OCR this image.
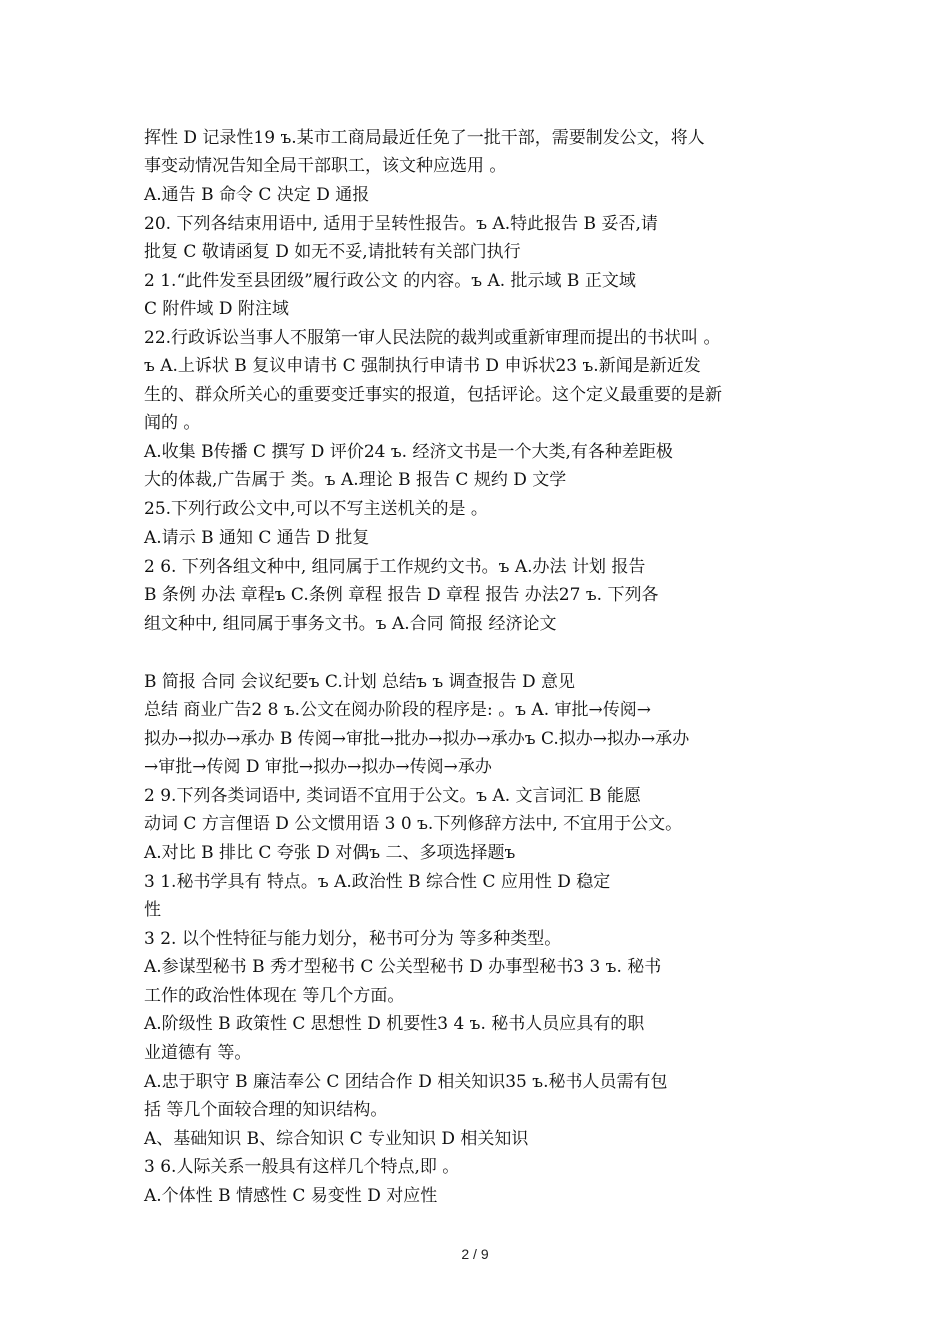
挥性 D 记录性19 ъ.某市工商局最近任免了一批干部，需要制发公文，将人
事变动情况告知全局干部职工，该文种应选用 。
A.通告 B 命令 C 决定 D 通报
20. 下列各结束用语中, 适用于呈转性报告。ъ A.特此报告 B 妥否,请
批复 C 敬请函复 D 如无不妥,请批转有关部门执行
2 1.“此件发至县团级”履行政公文 的内容。ъ A. 批示域 B 正文域
C 附件域 D 附注域
22.行政诉讼当事人不服第一审人民法院的裁判或重新审理而提出的书状叫 。
ъ A.上诉状 B 复议申请书 C 强制执行申请书 D 申诉状23 ъ.新闻是新近发
生的、群众所关心的重要变迁事实的报道，包括评论。这个定义最重要的是新
闻的 。
A.收集 B传播 C 撰写 D 评价24 ъ. 经济文书是一个大类,有各种差距极
大的体裁,广告属于 类。ъ A.理论 B 报告 C 规约 D 文学
25.下列行政公文中,可以不写主送机关的是 。
A.请示 B 通知 C 通告 D 批复
2 6. 下列各组文种中, 组同属于工作规约文书。ъ A.办法 计划 报告
B 条例 办法 章程ъ C.条例 章程 报告 D 章程 报告 办法27 ъ. 下列各
组文种中, 组同属于事务文书。ъ A.合同 简报 经济论文
B 简报 合同 会议纪要ъ C.计划 总结ъ ъ 调查报告 D 意见
总结 商业广告2 8 ъ.公文在阅办阶段的程序是: 。ъ A. 审批→传阅→
拟办→拟办→承办 B 传阅→审批→批办→拟办→承办ъ C.拟办→拟办→承办
→审批→传阅 D 审批→拟办→拟办→传阅→承办
2 9.下列各类词语中, 类词语不宜用于公文。ъ A. 文言词汇 B 能愿
动词 C 方言俚语 D 公文惯用语 3 0 ъ.下列修辞方法中, 不宜用于公文。
A.对比 B 排比 C 夸张 D 对偶ъ 二、多项选择题ъ
3 1.秘书学具有 特点。ъ A.政治性 B 综合性 C 应用性 D 稳定
性
3 2. 以个性特征与能力划分，秘书可分为 等多种类型。
A.参谋型秘书 B 秀才型秘书 C 公关型秘书 D 办事型秘书3 3 ъ. 秘书
工作的政治性体现在 等几个方面。
A.阶级性 B 政策性 C 思想性 D 机要性3 4 ъ. 秘书人员应具有的职
业道德有 等。
A.忠于职守 B 廉洁奉公 C 团结合作 D 相关知识35 ъ.秘书人员需有包
括 等几个面较合理的知识结构。
A、基础知识 B、综合知识 C 专业知识 D 相关知识
3 6.人际关系一般具有这样几个特点,即 。
A.个体性 B 情感性 C 易变性 D 对应性
2 / 9
